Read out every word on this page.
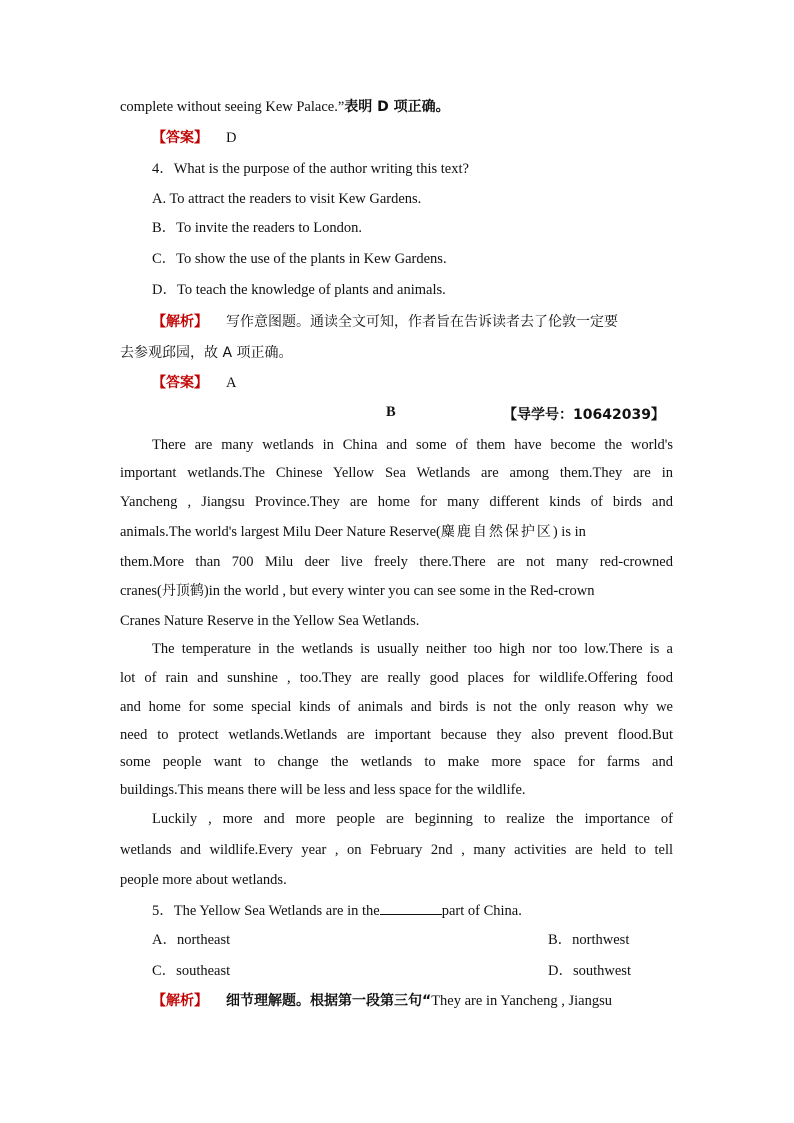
complete without seeing Kew Palace.”表明 D 项正确。
【答案】 D
4．What is the purpose of the author writing this text?
A. To attract the readers to visit Kew Gardens.
B．To invite the readers to London.
C．To show the use of the plants in Kew Gardens.
D．To teach the knowledge of plants and animals.
【解析】 写作意图题。通读全文可知，作者旨在告诉读者去了伦敦一定要
去参观邱园，故 A 项正确。
【答案】 A
B	【导学号：10642039】
There are many wetlands in China and some of them have become the world's
important wetlands.The Chinese Yellow Sea Wetlands are among them.They are in
Yancheng , Jiangsu Province.They are home for many different kinds of birds and
animals.The world's largest Milu Deer Nature Reserve(麋鹿自然保护区) is in
them.More than 700 Milu deer live freely there.There are not many red-crowned
cranes(丹顶鹤)in the world , but every winter you can see some in the Red-crown
Cranes Nature Reserve in the Yellow Sea Wetlands.
The temperature in the wetlands is usually neither too high nor too low.There is a
lot of rain and sunshine , too.They are really good places for wildlife.Offering food
and home for some special kinds of animals and birds is not the only reason why we
need to protect wetlands.Wetlands are important because they also prevent flood.But
some people want to change the wetlands to make more space for farms and
buildings.This means there will be less and less space for the wildlife.
Luckily , more and more people are beginning to realize the importance of
wetlands and wildlife.Every year , on February 2nd , many activities are held to tell
people more about wetlands.
5．The Yellow Sea Wetlands are in the	part of China.
A．northeast	B．northwest
C．southeast	D．southwest
【解析】 细节理解题。根据第一段第三句“They are in Yancheng , Jiangsu
